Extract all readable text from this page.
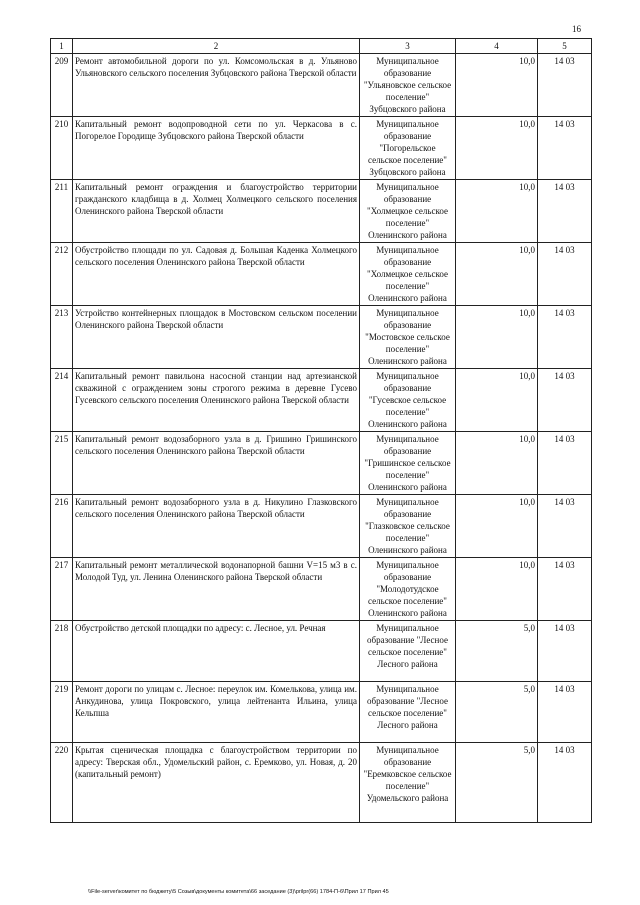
16
1	2	3	4	5
209	Ремонт автомобильной дороги по ул. Комсомольская в д. Ульяново Ульяновского сельского поселения Зубцовского района Тверской области	Муниципальное образование "Ульяновское сельское поселение" Зубцовского района	10,0	14 03
210	Капитальный ремонт водопроводной сети по ул. Черкасова в с. Погорелое Городище Зубцовского района Тверской области	Муниципальное образование "Погорельское сельское поселение" Зубцовского района	10,0	14 03
211	Капитальный ремонт ограждения и благоустройство территории гражданского кладбища в д. Холмец Холмецкого сельского поселения Оленинского района Тверской области	Муниципальное образование "Холмецкое сельское поселение" Оленинского района	10,0	14 03
212	Обустройство площади по ул. Садовая д. Большая Каденка Холмецкого сельского поселения Оленинского района Тверской области	Муниципальное образование "Холмецкое сельское поселение" Оленинского района	10,0	14 03
213	Устройство контейнерных площадок в Мостовском сельском поселении Оленинского района Тверской области	Муниципальное образование "Мостовское сельское поселение" Оленинского района	10,0	14 03
214	Капитальный ремонт павильона насосной станции над артезианской скважиной с ограждением зоны строгого режима в деревне Гусево Гусевского сельского поселения Оленинского района Тверской области	Муниципальное образование "Гусевское сельское поселение" Оленинского района	10,0	14 03
215	Капитальный ремонт водозаборного узла в д. Гришино Гришинского сельского поселения Оленинского района Тверской области	Муниципальное образование "Гришинское сельское поселение" Оленинского района	10,0	14 03
216	Капитальный ремонт водозаборного узла в д. Никулино Глазковского сельского поселения Оленинского района Тверской области	Муниципальное образование "Глазковское сельское поселение" Оленинского района	10,0	14 03
217	Капитальный ремонт металлической водонапорной башни V=15 м3 в с. Молодой Туд, ул. Ленина Оленинского района Тверской области	Муниципальное образование "Молодотудское сельское поселение" Оленинского района	10,0	14 03
218	Обустройство детской площадки по адресу: с. Лесное, ул. Речная	Муниципальное образование "Лесное сельское поселение" Лесного района	5,0	14 03
219	Ремонт дороги по улицам с. Лесное: переулок им. Комелькова, улица им. Анкудинова, улица Покровского, улица лейтенанта Ильина, улица Кельпша	Муниципальное образование "Лесное сельское поселение" Лесного района	5,0	14 03
220	Крытая сценическая площадка с благоустройством территории по адресу: Тверская обл., Удомельский район, с. Еремково, ул. Новая, д. 20 (капитальный ремонт)	Муниципальное образование "Еремковское сельское поселение" Удомельского района	5,0	14 03
\\File-server\комитет по бюджету\5 Созыв\документы комитета\66 заседание (3)\prilpr(66) 1784-П-6\Прил 17 Прил 45
